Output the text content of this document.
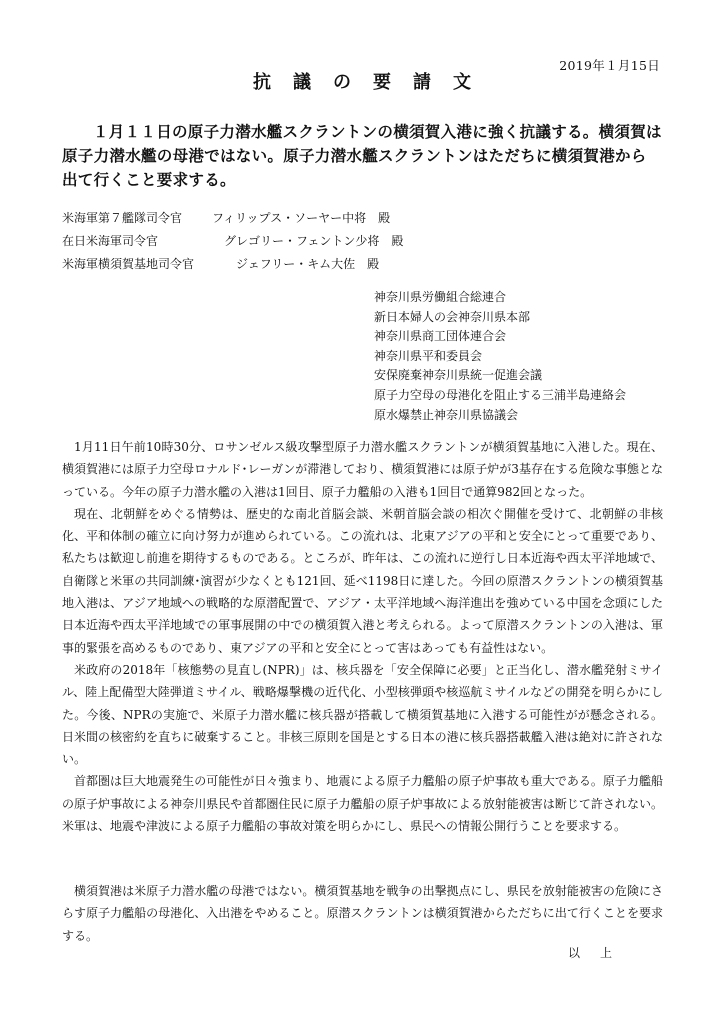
2019年１月15日
抗議の要請文
１月１１日の原子力潜水艦スクラントンの横須賀入港に強く抗議する。横須賀は原子力潜水艦の母港ではない。原子力潜水艦スクラントンはただちに横須賀港から出て行くこと要求する。
米海軍第７艦隊司令官	フィリップス・ソーヤー中将　殿
在日米海軍司令官	　グレゴリー・フェントン少将　殿
米海軍横須賀基地司令官	　　ジェフリー・キム大佐　殿
神奈川県労働組合総連合
新日本婦人の会神奈川県本部
神奈川県商工団体連合会
神奈川県平和委員会
安保廃棄神奈川県統一促進会議
原子力空母の母港化を阻止する三浦半島連絡会
原水爆禁止神奈川県協議会

1月11日午前10時30分、ロサンゼルス級攻撃型原子力潜水艦スクラントンが横須賀基地に入港した。現在、横須賀港には原子力空母ロナルド･レーガンが滞港しており、横須賀港には原子炉が3基存在する危険な事態となっている。今年の原子力潜水艦の入港は1回目、原子力艦船の入港も1回目で通算982回となった。

現在、北朝鮮をめぐる情勢は、歴史的な南北首脳会談、米朝首脳会談の相次ぐ開催を受けて、北朝鮮の非核化、平和体制の確立に向け努力が進められている。この流れは、北東アジアの平和と安全にとって重要であり、私たちは歓迎し前進を期待するものである。ところが、昨年は、この流れに逆行し日本近海や西太平洋地域で、自衛隊と米軍の共同訓練･演習が少なくとも121回、延べ1198日に達した。今回の原潜スクラントンの横須賀基地入港は、アジア地域への戦略的な原潜配置で、アジア・太平洋地域へ海洋進出を強めている中国を念頭にした日本近海や西太平洋地域での軍事展開の中での横須賀入港と考えられる。よって原潜スクラントンの入港は、軍事的緊張を高めるものであり、東アジアの平和と安全にとって害はあっても有益性はない。

米政府の2018年「核態勢の見直し(NPR)」は、核兵器を「安全保障に必要」と正当化し、潜水艦発射ミサイル、陸上配備型大陸弾道ミサイル、戦略爆撃機の近代化、小型核弾頭や核巡航ミサイルなどの開発を明らかにした。今後、NPRの実施で、米原子力潜水艦に核兵器が搭載して横須賀基地に入港する可能性がが懸念される。日米間の核密約を直ちに破棄すること。非核三原則を国是とする日本の港に核兵器搭載艦入港は絶対に許されない。

首都圏は巨大地震発生の可能性が日々強まり、地震による原子力艦船の原子炉事故も重大である。原子力艦船の原子炉事故による神奈川県民や首都圏住民に原子力艦船の原子炉事故による放射能被害は断じて許されない。米軍は、地震や津波による原子力艦船の事故対策を明らかにし、県民への情報公開行うことを要求する。

横須賀港は米原子力潜水艦の母港ではない。横須賀基地を戦争の出撃拠点にし、県民を放射能被害の危険にさらす原子力艦船の母港化、入出港をやめること。原潜スクラントンは横須賀港からただちに出て行くことを要求する。

以上
